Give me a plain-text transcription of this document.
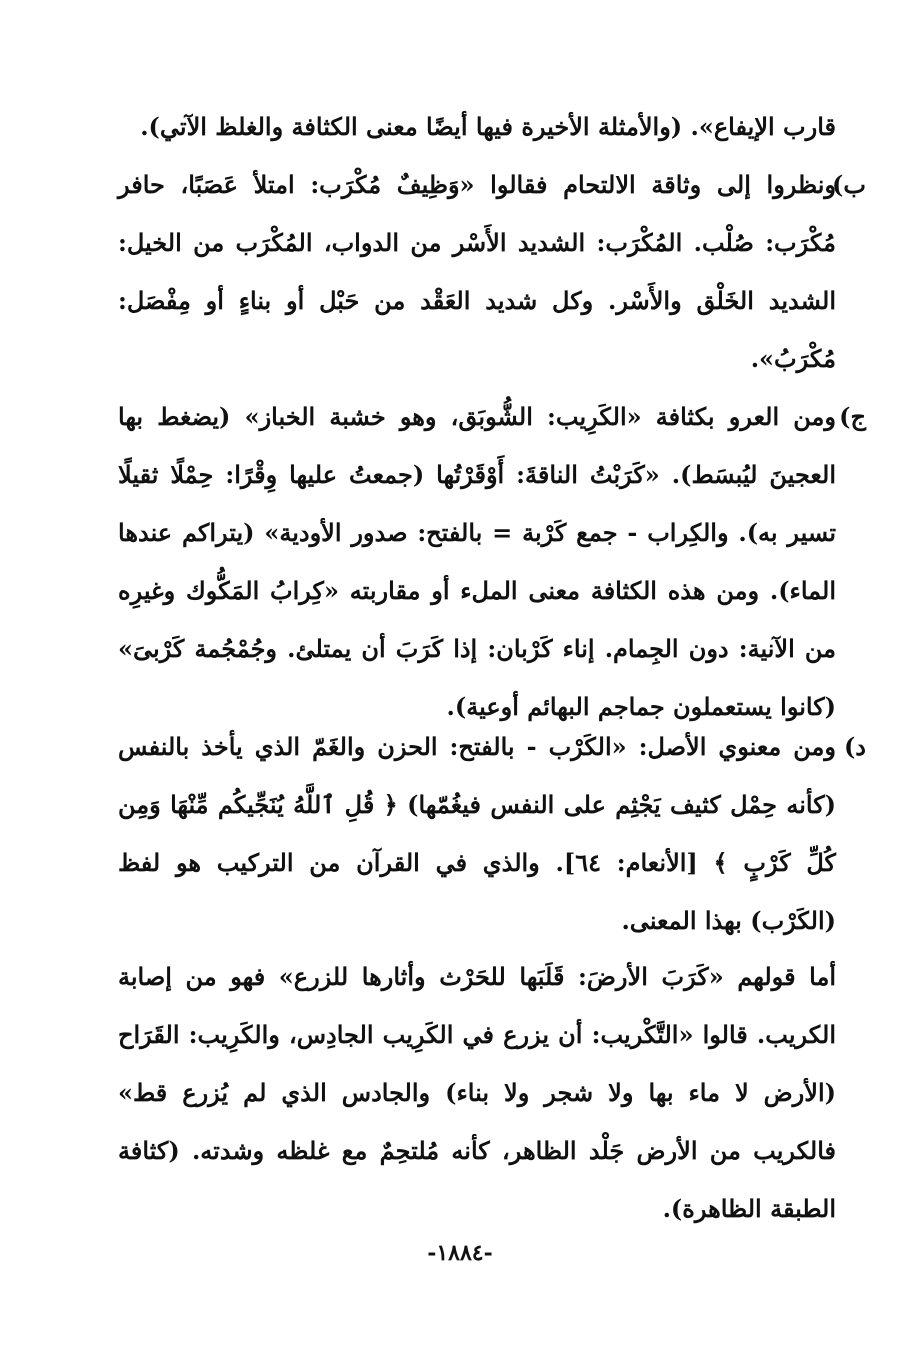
قارب الإيفاع». (والأمثلة الأخيرة فيها أيضًا معنى الكثافة والغلظ الآتي).
ب)
ونظروا إلى وثاقة الالتحام فقالوا «وَظِيفٌ مُكْرَب: امتلأ عَصَبًا، حافر مُكْرَب: صُلْب. المُكْرَب: الشديد الأَسْر من الدواب، المُكْرَب من الخيل: الشديد الخَلْق والأَسْر. وكل شديد العَقْد من حَبْل أو بناءٍ أو مِفْصَل: مُكْرَبُ».
ج)
ومن العرو بكثافة «الكَرِيب: الشُّوبَق، وهو خشبة الخباز» (يضغط بها العجينَ ليُبسَط). «كَرَبْتُ الناقةَ: أَوْقَرْتُها (جمعتُ عليها وِقْرًا: حِمْلًا ثقيلًا تسير به). والكِراب - جمع كَرْبة = بالفتح: صدور الأودية» (يتراكم عندها الماء). ومن هذه الكثافة معنى الملء أو مقاربته «كِرابُ المَكُّوك وغيرِه من الآنية: دون الجِمام. إناء كَرْبان: إذا كَرَبَ أن يمتلئ. وجُمْجُمة كَرْبىَ» (كانوا يستعملون جماجم البهائم أوعية).
د)
ومن معنوي الأصل: «الكَرْب - بالفتح: الحزن والغَمّ الذي يأخذ بالنفس (كأنه حِمْل كثيف يَجْثِم على النفس فيغُمّها) ﴿ قُلِ ٱللَّهُ يُنَجِّيكُم مِّنْهَا وَمِن كُلِّ كَرْبٍ ﴾ [الأنعام: ٦٤]. والذي في القرآن من التركيب هو لفظ (الكَرْب) بهذا المعنى.
أما قولهم «كَرَبَ الأرضَ: قَلَبَها للحَرْث وأثارها للزرع» فهو من إصابة الكريب. قالوا «التَّكْريب: أن يزرع في الكَرِيب الجادِس، والكَرِيب: القَرَاح (الأرض لا ماء بها ولا شجر ولا بناء) والجادس الذي لم يُزرع قط» فالكريب من الأرض جَلْد الظاهر، كأنه مُلتحِمٌ مع غلظه وشدته. (كثافة الطبقة الظاهرة).
-١٨٨٤-
